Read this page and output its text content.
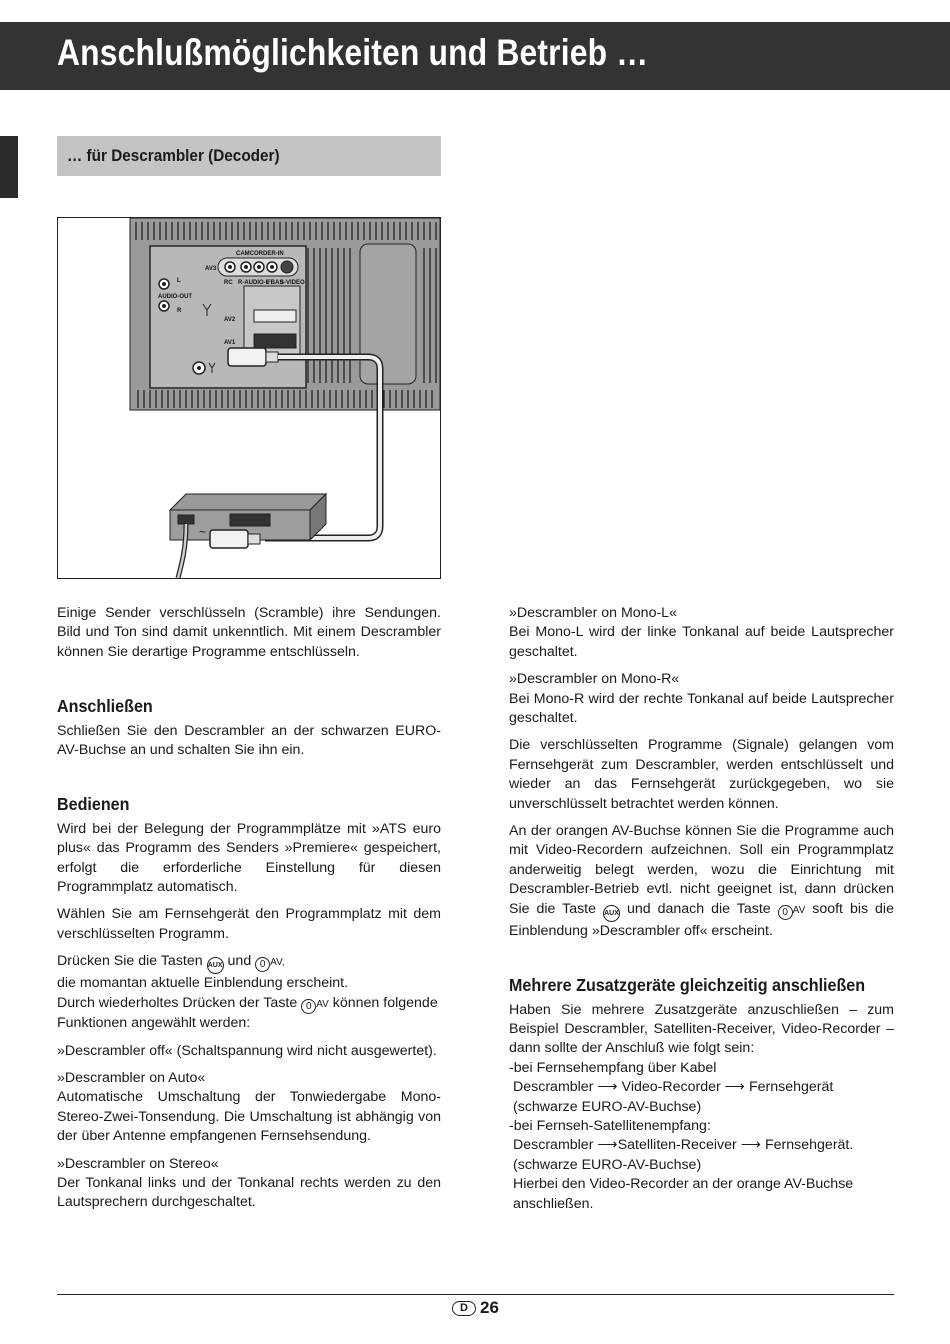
Anschlußmöglichkeiten und Betrieb …
… für Descrambler (Decoder)
CAMCORDER-IN
AV3
L
AUDIO-OUT
R
RC R-AUDIO-L
FBAS
S-VIDEO
AV2
AV1
~

Einige Sender verschlüsseln (Scramble) ihre Sendungen. Bild und Ton sind damit unkenntlich. Mit einem Descrambler können Sie derartige Programme entschlüsseln.

Anschließen

Schließen Sie den Descrambler an der schwarzen EURO-AV-Buchse an und schalten Sie ihn ein.

Bedienen

Wird bei der Belegung der Programmplätze mit »ATS euro plus« das Programm des Senders »Premiere« gespeichert, erfolgt die erforderliche Einstellung für diesen Programmplatz automatisch.

Wählen Sie am Fernsehgerät den Programmplatz mit dem verschlüsselten Programm.

Drücken Sie die Tasten AUX und 0 AV,
die momantan aktuelle Einblendung erscheint.
Durch wiederholtes Drücken der Taste 0 AV können folgende Funktionen angewählt werden:

»Descrambler off« (Schaltspannung wird nicht ausgewertet).

»Descrambler on Auto«
Automatische Umschaltung der Tonwiedergabe Mono-Stereo-Zwei-Tonsendung. Die Umschaltung ist abhängig von der über Antenne empfangenen Fernsehsendung.

»Descrambler on Stereo«
Der Tonkanal links und der Tonkanal rechts werden zu den Lautsprechern durchgeschaltet.

»Descrambler on Mono-L«
Bei Mono-L wird der linke Tonkanal auf beide Lautsprecher geschaltet.

»Descrambler on Mono-R«
Bei Mono-R wird der rechte Tonkanal auf beide Lautsprecher geschaltet.

Die verschlüsselten Programme (Signale) gelangen vom Fernsehgerät zum Descrambler, werden entschlüsselt und wieder an das Fernsehgerät zurückgegeben, wo sie unverschlüsselt betrachtet werden können.

An der orangen AV-Buchse können Sie die Programme auch mit Video-Recordern aufzeichnen. Soll ein Programmplatz anderweitig belegt werden, wozu die Einrichtung mit Descrambler-Betrieb evtl. nicht geeignet ist, dann drücken Sie die Taste AUX und danach die Taste 0 AV sooft bis die Einblendung »Descrambler off« erscheint.

Mehrere Zusatzgeräte gleichzeitig anschließen

Haben Sie mehrere Zusatzgeräte anzuschließen – zum Beispiel Descrambler, Satelliten-Receiver, Video-Recorder – dann sollte der Anschluß wie folgt sein:

-bei Fernsehempfang über Kabel
Descrambler ⟶ Video-Recorder ⟶ Fernsehgerät
(schwarze EURO-AV-Buchse)
-bei Fernseh-Satellitenempfang:
Descrambler ⟶Satelliten-Receiver ⟶ Fernsehgerät.
(schwarze EURO-AV-Buchse)
Hierbei den Video-Recorder an der orange AV-Buchse anschließen.
D 26
